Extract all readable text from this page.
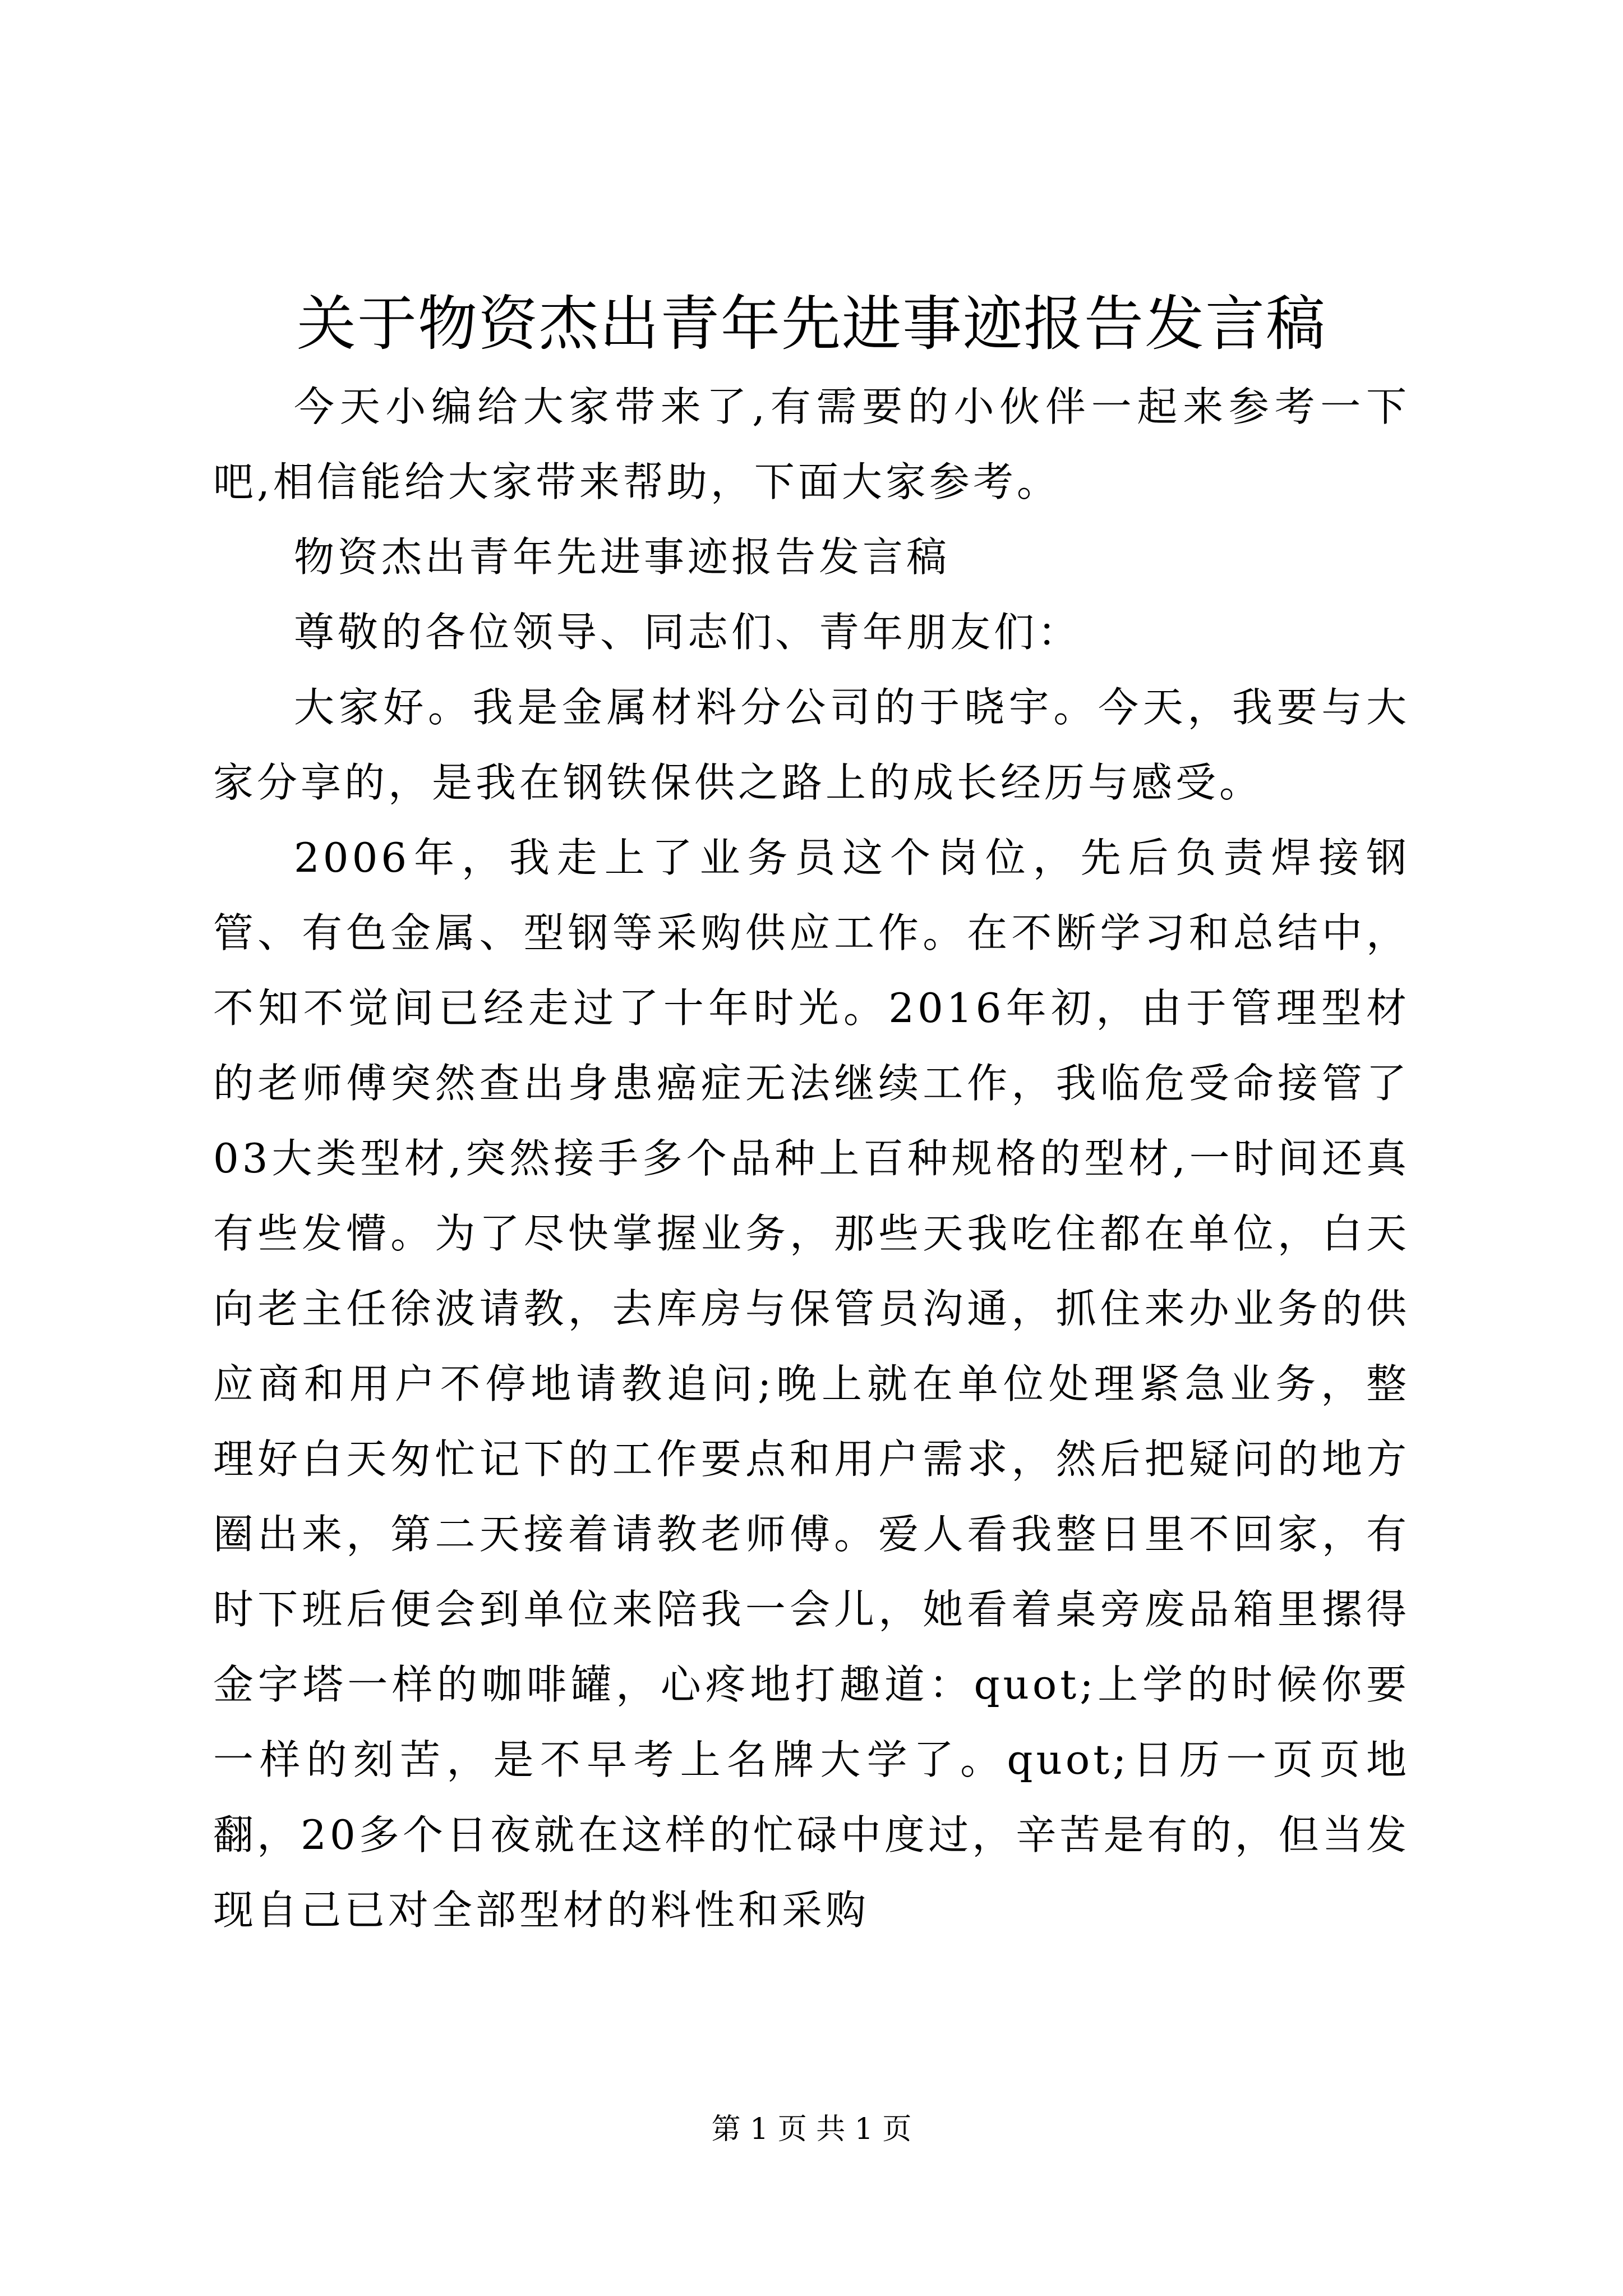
关于物资杰出青年先进事迹报告发言稿

今天小编给大家带来了,有需要的小伙伴一起来参考一下吧,相信能给大家带来帮助，下面大家参考。

物资杰出青年先进事迹报告发言稿

尊敬的各位领导、同志们、青年朋友们：

大家好。我是金属材料分公司的于晓宇。今天，我要与大家分享的，是我在钢铁保供之路上的成长经历与感受。

2006年，我走上了业务员这个岗位，先后负责焊接钢管、有色金属、型钢等采购供应工作。在不断学习和总结中，不知不觉间已经走过了十年时光。2016年初，由于管理型材的老师傅突然查出身患癌症无法继续工作，我临危受命接管了03大类型材,突然接手多个品种上百种规格的型材,一时间还真有些发懵。为了尽快掌握业务，那些天我吃住都在单位，白天向老主任徐波请教，去库房与保管员沟通，抓住来办业务的供应商和用户不停地请教追问;晚上就在单位处理紧急业务，整理好白天匆忙记下的工作要点和用户需求，然后把疑问的地方圈出来，第二天接着请教老师傅。爱人看我整日里不回家，有时下班后便会到单位来陪我一会儿，她看着桌旁废品箱里摞得金字塔一样的咖啡罐，心疼地打趣道：quot;上学的时候你要一样的刻苦，是不早考上名牌大学了。quot;日历一页页地翻，20多个日夜就在这样的忙碌中度过，辛苦是有的，但当发现自己已对全部型材的料性和采购

第 1 页 共 1 页
